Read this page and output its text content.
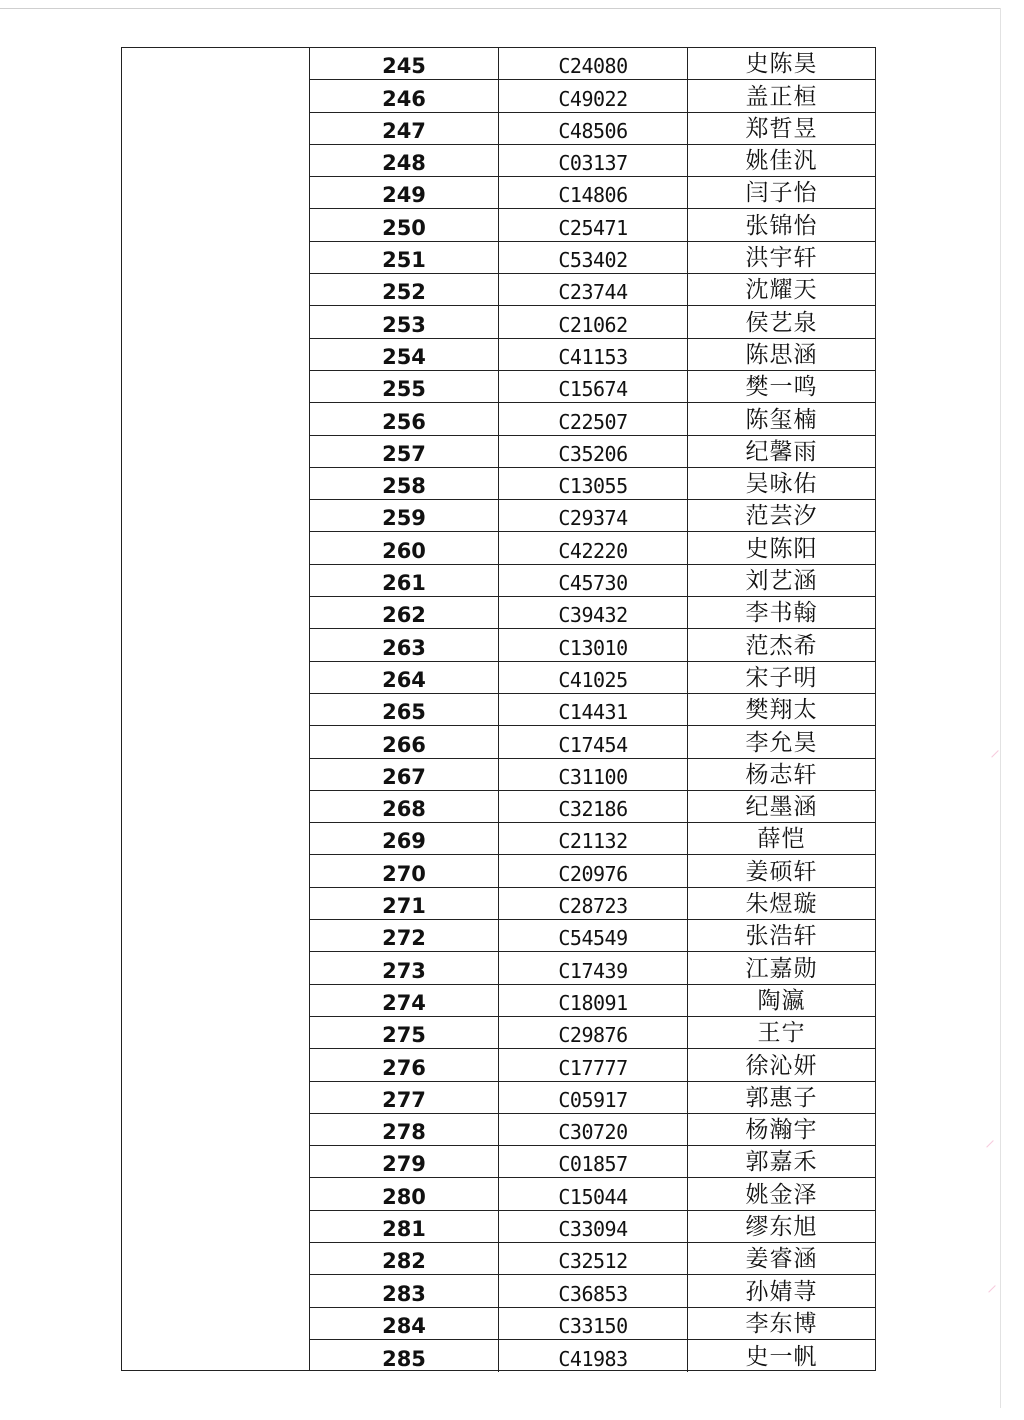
⸝
⸝
⸝
245	C24080	史陈昊
246	C49022	盖正桓
247	C48506	郑哲昱
248	C03137	姚佳汎
249	C14806	闫子怡
250	C25471	张锦怡
251	C53402	洪宇轩
252	C23744	沈耀天
253	C21062	侯艺泉
254	C41153	陈思涵
255	C15674	樊一鸣
256	C22507	陈玺楠
257	C35206	纪馨雨
258	C13055	吴咏佑
259	C29374	范芸汐
260	C42220	史陈阳
261	C45730	刘艺涵
262	C39432	李书翰
263	C13010	范杰希
264	C41025	宋子明
265	C14431	樊翔太
266	C17454	李允昊
267	C31100	杨志轩
268	C32186	纪墨涵
269	C21132	薛恺
270	C20976	姜硕轩
271	C28723	朱煜璇
272	C54549	张浩轩
273	C17439	江嘉勋
274	C18091	陶瀛
275	C29876	王宁
276	C17777	徐沁妍
277	C05917	郭惠子
278	C30720	杨瀚宇
279	C01857	郭嘉禾
280	C15044	姚金泽
281	C33094	缪东旭
282	C32512	姜睿涵
283	C36853	孙婧荨
284	C33150	李东博
285	C41983	史一帆
